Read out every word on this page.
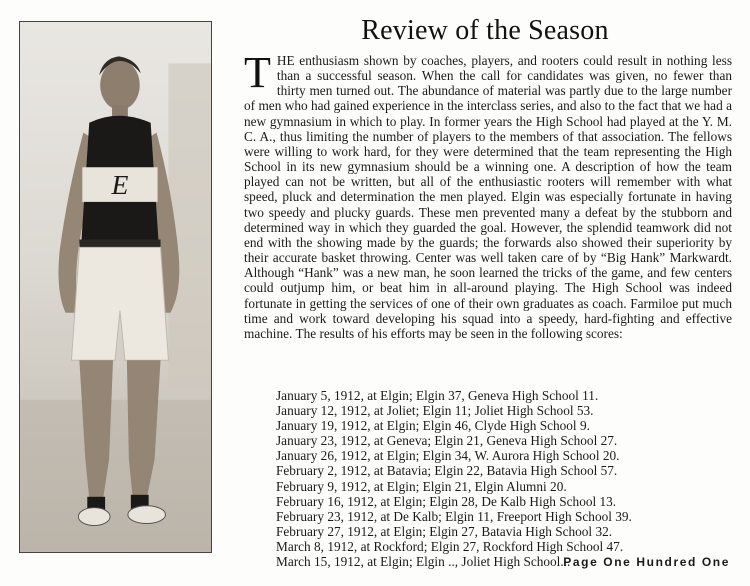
E
Review of the Season

THE enthusiasm shown by coaches, players, and rooters could result in nothing less than a successful season. When the call for candidates was given, no fewer than thirty men turned out. The abundance of material was partly due to the large number of men who had gained experience in the interclass series, and also to the fact that we had a new gymnasium in which to play. In former years the High School had played at the Y. M. C. A., thus limiting the number of players to the members of that association. The fellows were willing to work hard, for they were determined that the team representing the High School in its new gymnasium should be a winning one. A description of how the team played can not be written, but all of the enthusiastic rooters will remember with what speed, pluck and determination the men played. Elgin was especially fortunate in having two speedy and plucky guards. These men prevented many a defeat by the stubborn and determined way in which they guarded the goal. However, the splendid teamwork did not end with the showing made by the guards; the forwards also showed their superiority by their accurate basket throwing. Center was well taken care of by “Big Hank” Markwardt. Although “Hank” was a new man, he soon learned the tricks of the game, and few centers could outjump him, or beat him in all-around playing. The High School was indeed fortunate in getting the services of one of their own graduates as coach. Farmiloe put much time and work toward developing his squad into a speedy, hard-fighting and effective machine. The results of his efforts may be seen in the following scores:

January 5, 1912, at Elgin; Elgin 37, Geneva High School 11.
January 12, 1912, at Joliet; Elgin 11; Joliet High School 53.
January 19, 1912, at Elgin; Elgin 46, Clyde High School 9.
January 23, 1912, at Geneva; Elgin 21, Geneva High School 27.
January 26, 1912, at Elgin; Elgin 34, W. Aurora High School 20.
February 2, 1912, at Batavia; Elgin 22, Batavia High School 57.
February 9, 1912, at Elgin; Elgin 21, Elgin Alumni 20.
February 16, 1912, at Elgin; Elgin 28, De Kalb High School 13.
February 23, 1912, at De Kalb; Elgin 11, Freeport High School 39.
February 27, 1912, at Elgin; Elgin 27, Batavia High School 32.
March 8, 1912, at Rockford; Elgin 27, Rockford High School 47.
March 15, 1912, at Elgin; Elgin .., Joliet High School...
Page One Hundred One
